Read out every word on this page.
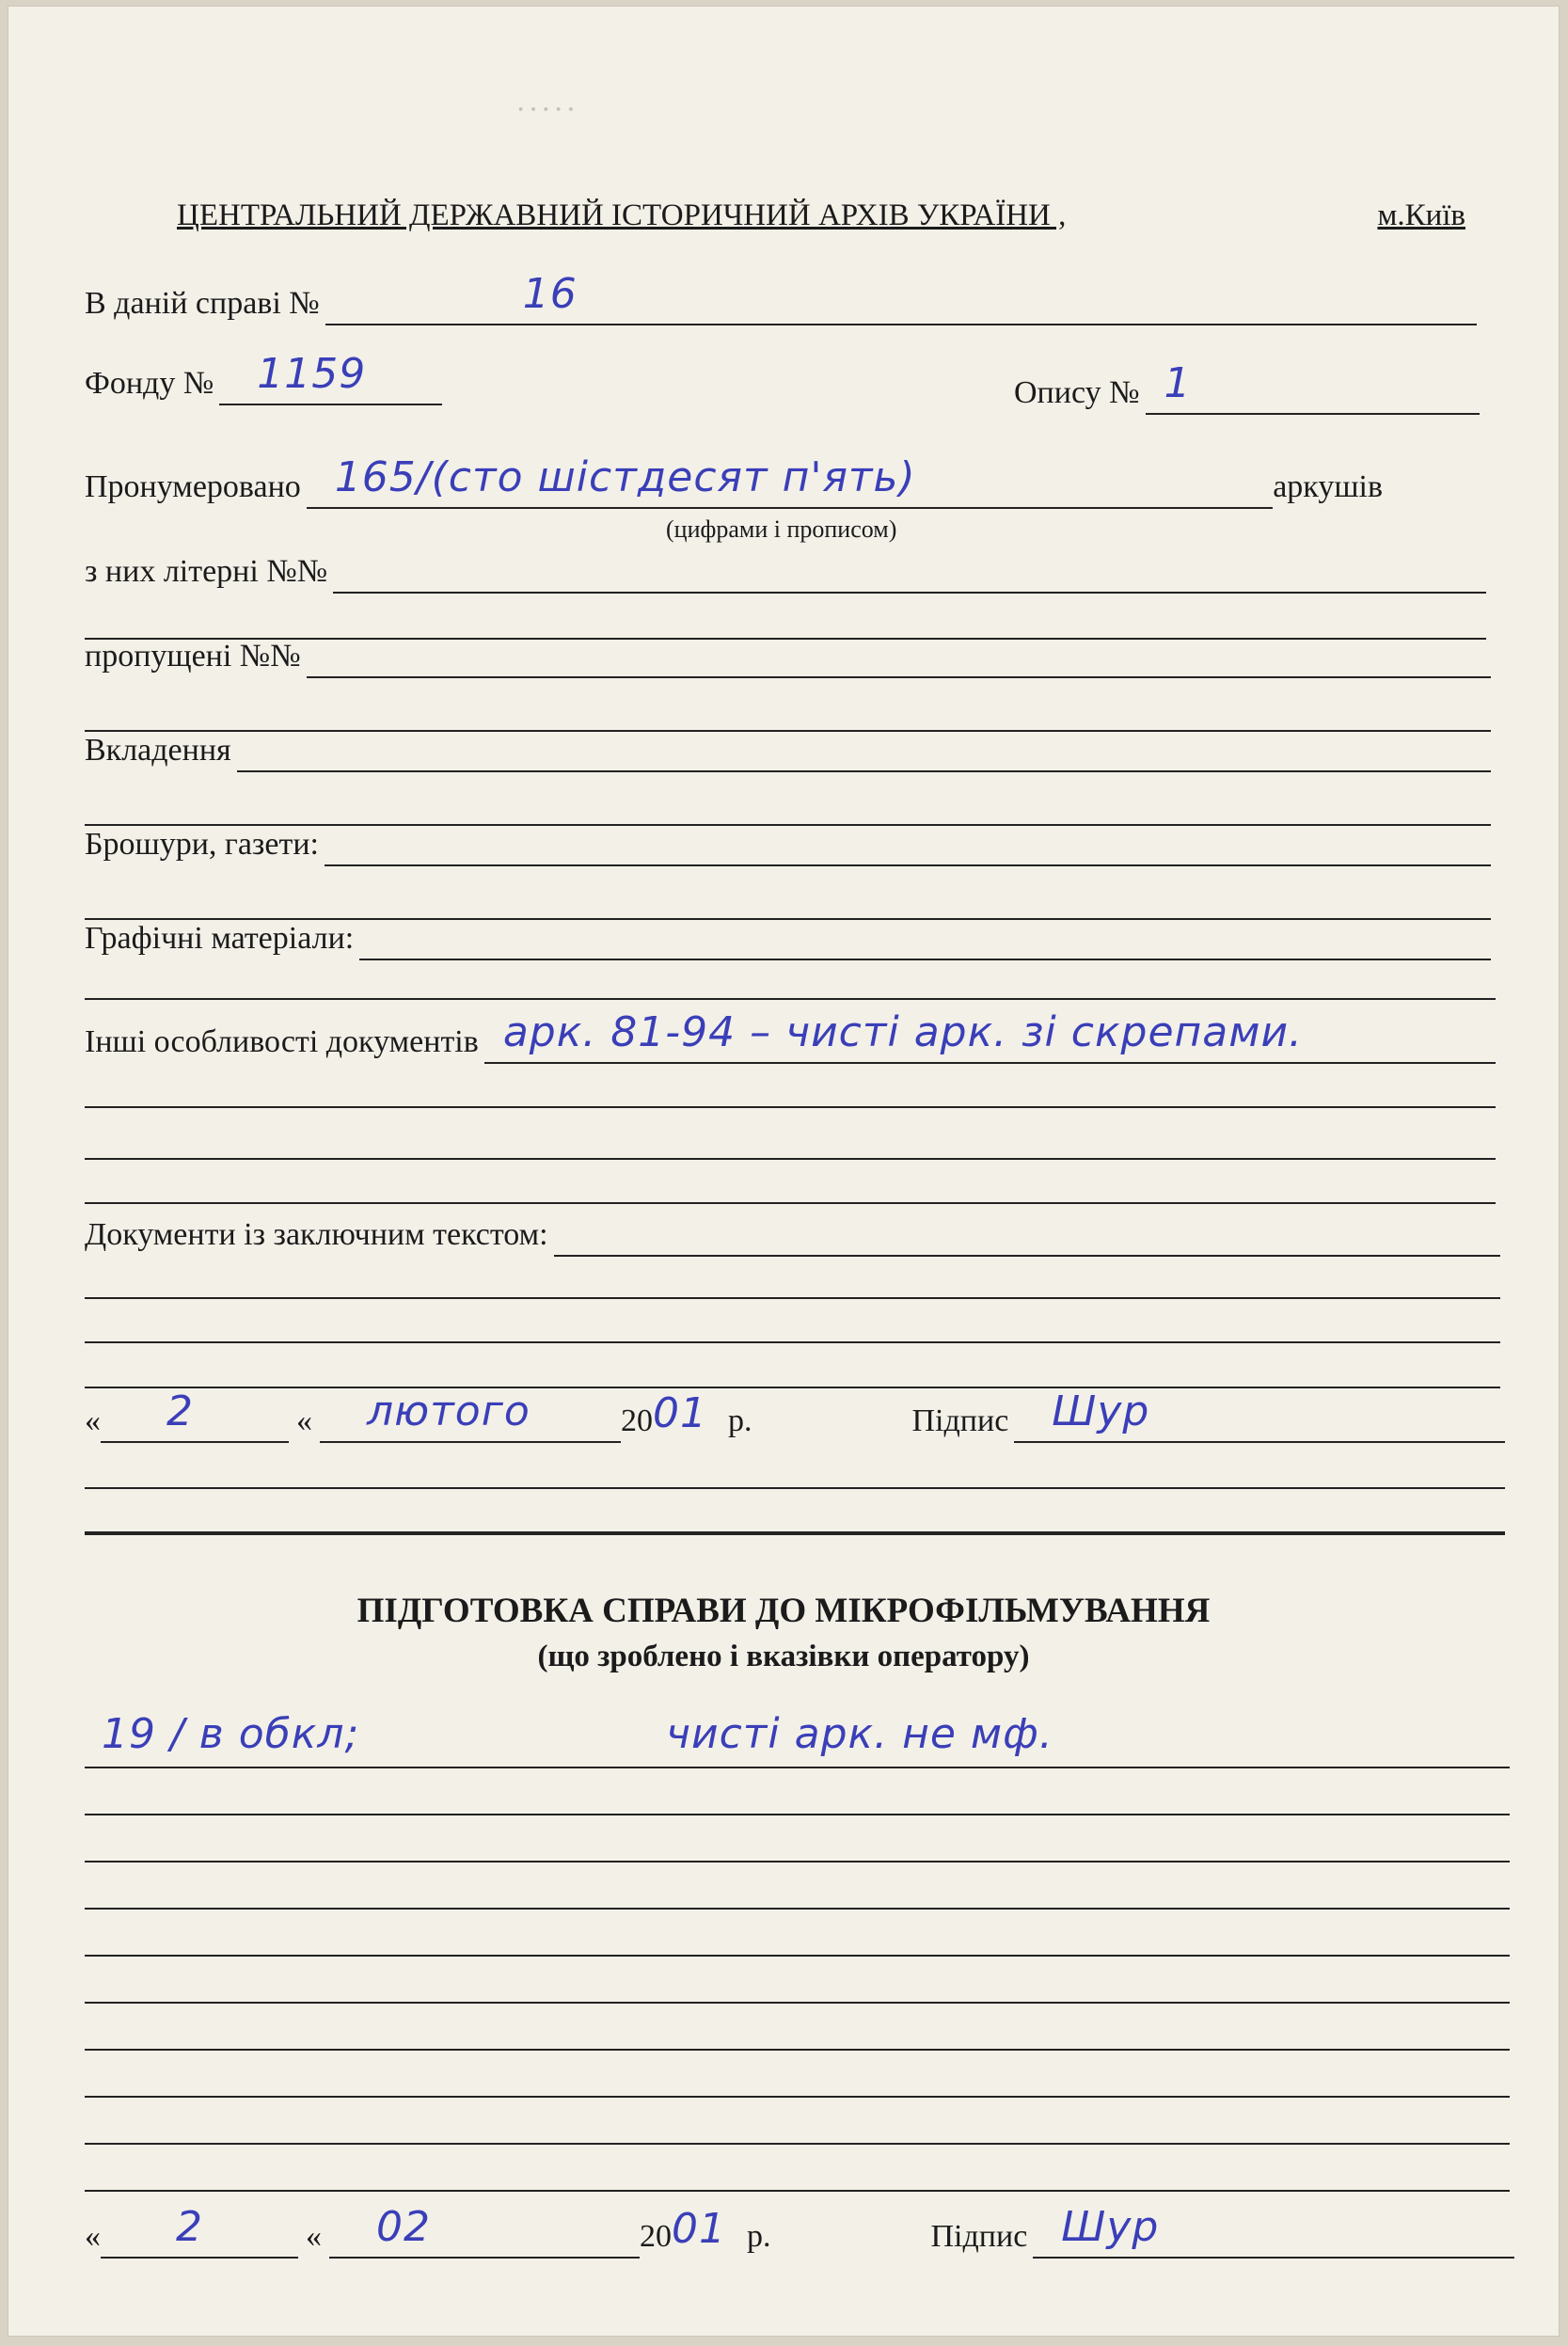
·····
ЦЕНТРАЛЬНИЙ ДЕРЖАВНИЙ ІСТОРИЧНИЙ АРХІВ УКРАЇНИ ,	м.Київ
В даній справі №	16
Фонду № 1159	Опису № 1
Пронумеровано 165/(сто шістдесят п'ять)	аркушів
(цифрами і прописом)
з них літерні №№
пропущені №№
Вкладення
Брошури, газети:
Графічні матеріали:
Інші особливості документів арк. 81-94 – чисті арк. зі скрепами.
Документи із заключним текстом:
« 2	« лютого	20 01 р.	Підпис Шур
ПІДГОТОВКА СПРАВИ ДО МІКРОФІЛЬМУВАННЯ
(що зроблено і вказівки оператору)
19 / в обкл;	чисті арк. не мф.
« 2	« 02	20 01 р.	Підпис Шур
